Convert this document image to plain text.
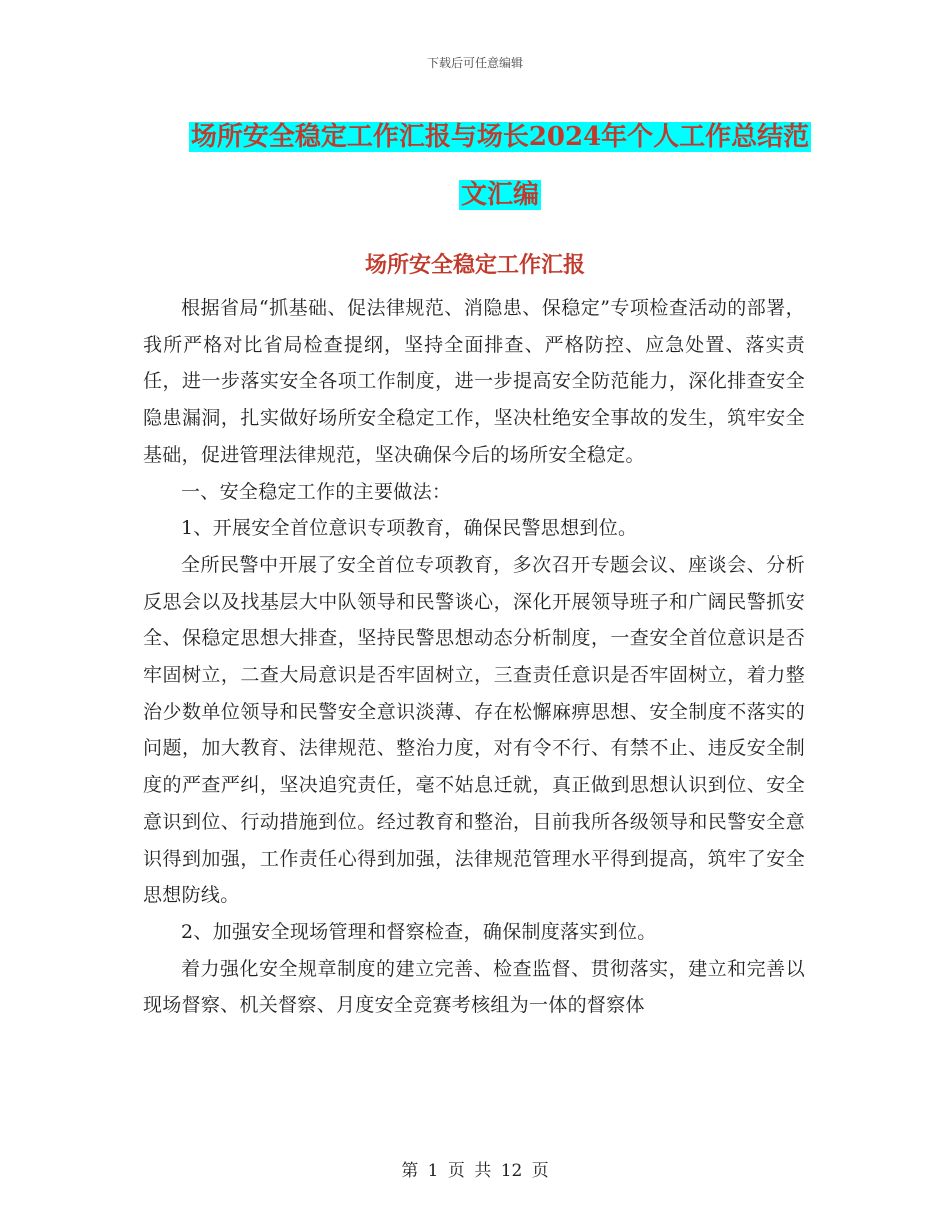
下载后可任意编辑
场所安全稳定工作汇报与场长2024年个人工作总结范
文汇编
场所安全稳定工作汇报

根据省局“抓基础、促法律规范、消隐患、保稳定”专项检查活动的部署，我所严格对比省局检查提纲，坚持全面排查、严格防控、应急处置、落实责任，进一步落实安全各项工作制度，进一步提高安全防范能力，深化排查安全隐患漏洞，扎实做好场所安全稳定工作，坚决杜绝安全事故的发生，筑牢安全基础，促进管理法律规范，坚决确保今后的场所安全稳定。

一、安全稳定工作的主要做法：

1、开展安全首位意识专项教育，确保民警思想到位。

全所民警中开展了安全首位专项教育，多次召开专题会议、座谈会、分析反思会以及找基层大中队领导和民警谈心，深化开展领导班子和广阔民警抓安全、保稳定思想大排查，坚持民警思想动态分析制度，一查安全首位意识是否牢固树立，二查大局意识是否牢固树立，三查责任意识是否牢固树立，着力整治少数单位领导和民警安全意识淡薄、存在松懈麻痹思想、安全制度不落实的问题，加大教育、法律规范、整治力度，对有令不行、有禁不止、违反安全制度的严查严纠，坚决追究责任，毫不姑息迁就，真正做到思想认识到位、安全意识到位、行动措施到位。经过教育和整治，目前我所各级领导和民警安全意识得到加强，工作责任心得到加强，法律规范管理水平得到提高，筑牢了安全思想防线。

2、加强安全现场管理和督察检查，确保制度落实到位。

着力强化安全规章制度的建立完善、检查监督、贯彻落实，建立和完善以现场督察、机关督察、月度安全竞赛考核组为一体的督察体

第 1 页 共 12 页
